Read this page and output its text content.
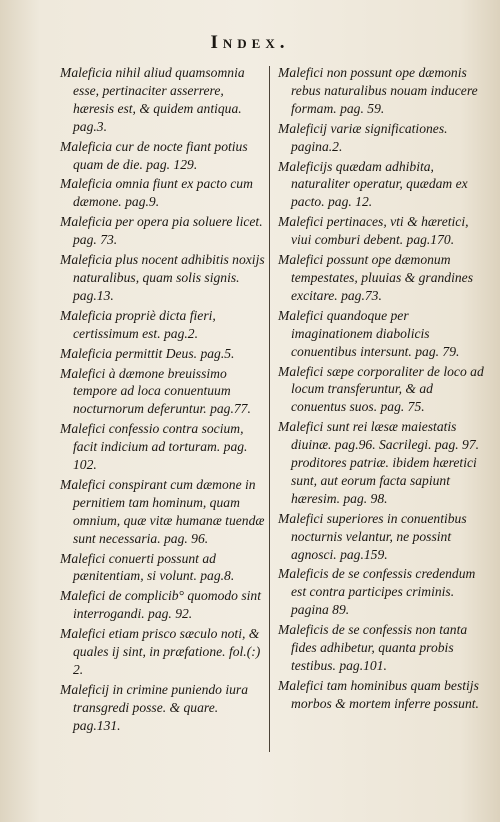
Index.

Maleficia nihil aliud quamsomnia esse, pertinaciter asserrere, hæresis est, & quidem antiqua. pag.3.

Maleficia cur de nocte fiant potius quam de die. pag. 129.

Maleficia omnia fiunt ex pacto cum dæmone. pag.9.

Maleficia per opera pia soluere licet. pag. 73.

Maleficia plus nocent adhibitis noxijs naturalibus, quam solis signis. pag.13.

Maleficia propriè dicta fieri, certissimum est. pag.2.

Maleficia permittit Deus. pag.5.

Malefici à dæmone breuissimo tempore ad loca conuentuum nocturnorum deferuntur. pag.77.

Malefici confessio contra socium, facit indicium ad torturam. pag. 102.

Malefici conspirant cum dæmone in pernitiem tam hominum, quam omnium, quæ vitæ humanæ tuendæ sunt necessaria. pag. 96.

Malefici conuerti possunt ad pænitentiam, si volunt. pag.8.

Malefici de complicib° quomodo sint interrogandi. pag. 92.

Malefici etiam prisco sæculo noti, & quales ij sint, in præfatione. fol.(:) 2.

Maleficij in crimine puniendo iura transgredi posse. & quare. pag.131.

Malefici non possunt ope dæmonis rebus naturalibus nouam inducere formam. pag. 59.

Maleficij variæ significationes. pagina.2.

Maleficijs quædam adhibita, naturaliter operatur, quædam ex pacto. pag. 12.

Malefici pertinaces, vti & hæretici, viui comburi debent. pag.170.

Malefici possunt ope dæmonum tempestates, pluuias & grandines excitare. pag.73.

Malefici quandoque per imaginationem diabolicis conuentibus intersunt. pag. 79.

Malefici sæpe corporaliter de loco ad locum transferuntur, & ad conuentus suos. pag. 75.

Malefici sunt rei læsæ maiestatis diuinæ. pag.96. Sacrilegi. pag. 97. proditores patriæ. ibidem hæretici sunt, aut eorum facta sapiunt hæresim. pag. 98.

Malefici superiores in conuentibus nocturnis velantur, ne possint agnosci. pag.159.

Maleficis de se confessis credendum est contra participes criminis. pagina 89.

Maleficis de se confessis non tanta fides adhibetur, quanta probis testibus. pag.101.

Malefici tam hominibus quam bestijs morbos & mortem inferre possunt.
